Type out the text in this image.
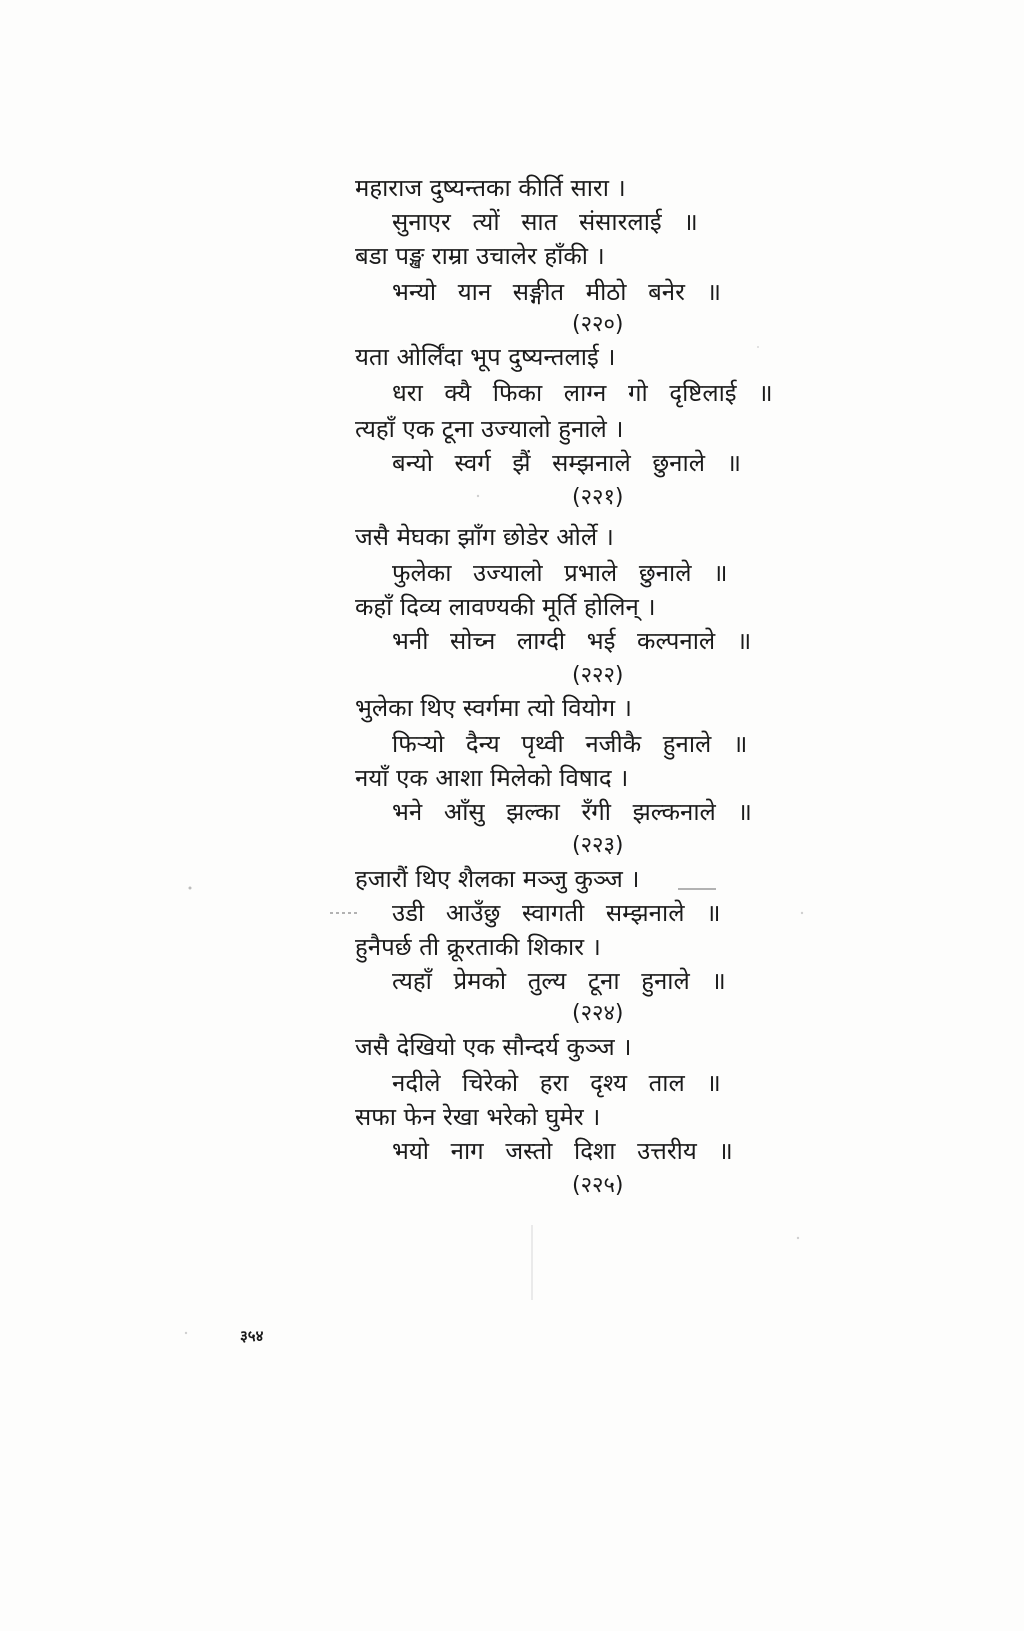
महाराज दुष्यन्तका कीर्ति सारा ।
सुनाएर त्यों सात संसारलाई ॥
बडा पङ्ख राम्रा उचालेर हाँकी ।
भन्यो यान सङ्गीत मीठो बनेर ॥
(२२०)
यता ओर्लिंदा भूप दुष्यन्तलाई ।
धरा क्यै फिका लाग्न गो दृष्टिलाई ॥
त्यहाँ एक टूना उज्यालो हुनाले ।
बन्यो स्वर्ग झैं सम्झनाले छुनाले ॥
(२२१)
जसै मेघका झाँग छोडेर ओर्ले ।
फुलेका उज्यालो प्रभाले छुनाले ॥
कहाँ दिव्य लावण्यकी मूर्ति होलिन् ।
भनी सोच्न लाग्दी भई कल्पनाले ॥
(२२२)
भुलेका थिए स्वर्गमा त्यो वियोग ।
फिऱ्यो दैन्य पृथ्वी नजीकै हुनाले ॥
नयाँ एक आशा मिलेको विषाद ।
भने आँसु झल्का रँगी झल्कनाले ॥
(२२३)
हजारौं थिए शैलका मञ्जु कुञ्ज ।
उडी आउँछु स्वागती सम्झनाले ॥
हुनैपर्छ ती क्रूरताकी शिकार ।
त्यहाँ प्रेमको तुल्य टूना हुनाले ॥
(२२४)
जसै देखियो एक सौन्दर्य कुञ्ज ।
नदीले चिरेको हरा दृश्य ताल ॥
सफा फेन रेखा भरेको घुमेर ।
भयो नाग जस्तो दिशा उत्तरीय ॥
(२२५)
३५४
